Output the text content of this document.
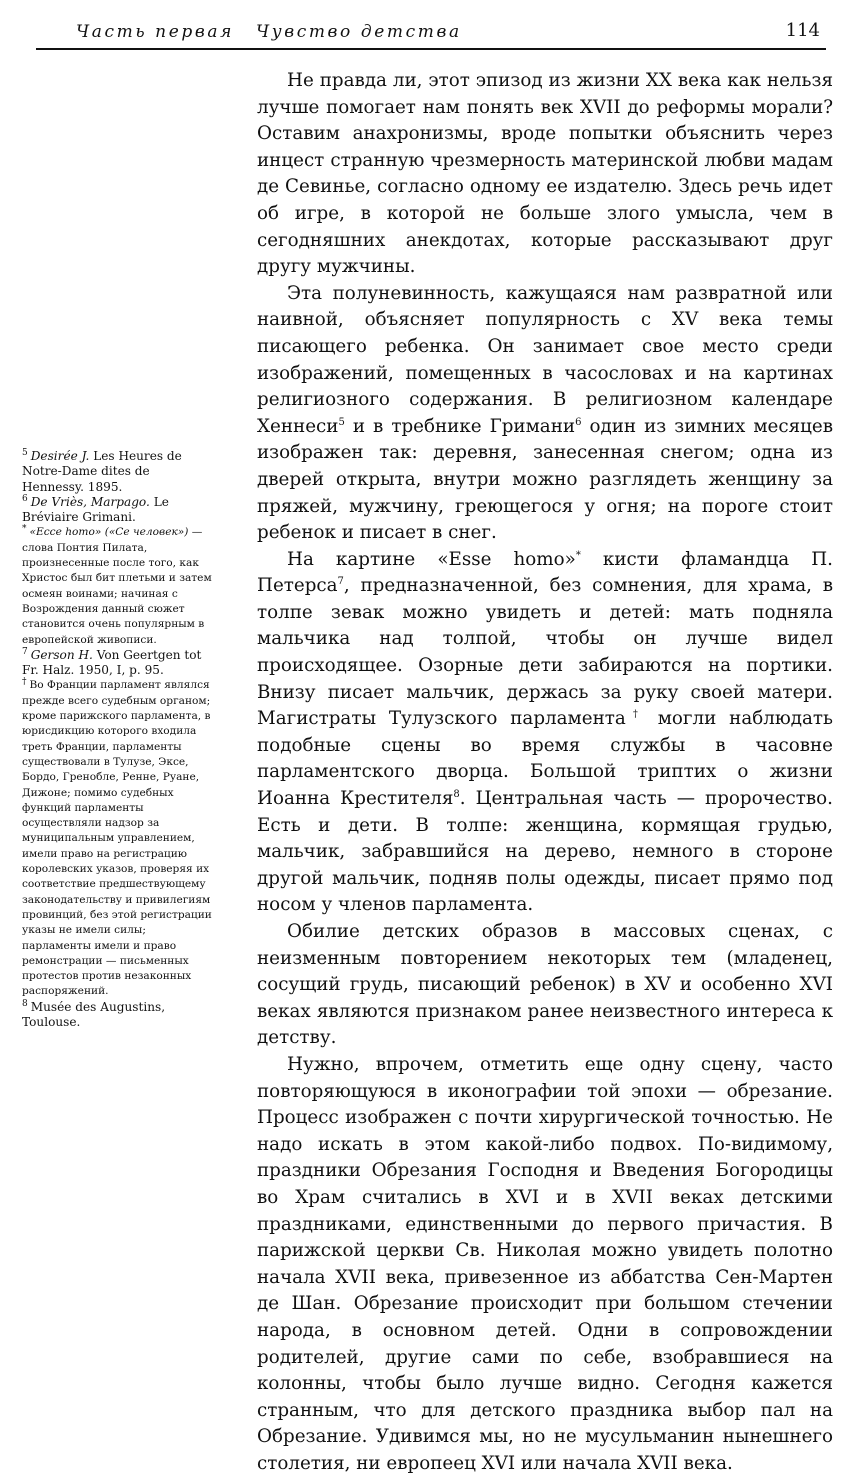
Часть первая Чувство детства	114

$^5$ Desirée J. Les Heures de Notre-Dame dites de Hennessy. 1895.

$^6$ De Vriès, Marpago. Le Bréviaire Grimani.

* «Ecce homo» («Се человек») — слова Понтия Пилата, произнесенные после того, как Христос был бит плетьми и затем осмеян воинами; начиная с Возрождения данный сюжет становится очень популярным в европейской живописи.

$^7$ Gerson H. Von Geertgen tot Fr. Halz. 1950, I, p. 95.

† Во Франции парламент являлся прежде всего судебным органом; кроме парижского парламента, в юрисдикцию которого входила треть Франции, парламенты существовали в Тулузе, Эксе, Бордо, Гренобле, Ренне, Руане, Дижоне; помимо судебных функций парламенты осуществляли надзор за муниципальным управлением, имели право на регистрацию королевских указов, проверяя их соответствие предшествующему законодательству и привилегиям провинций, без этой регистрации указы не имели силы; парламенты имели и право ремонстрации — письменных протестов против незаконных распоряжений.

$^8$ Musée des Augustins, Toulouse.

Не правда ли, этот эпизод из жизни XX века как нельзя лучше помогает нам понять век XVII до реформы морали? Оставим анахронизмы, вроде попытки объяснить через инцест странную чрезмерность материнской любви мадам де Севинье, согласно одному ее издателю. Здесь речь идет об игре, в которой не больше злого умысла, чем в сегодняшних анекдотах, которые рассказывают друг другу мужчины.

Эта полуневинность, кажущаяся нам развратной или наивной, объясняет популярность с XV века темы писающего ребенка. Он занимает свое место среди изображений, помещенных в часословах и на картинах религиозного содержания. В религиозном календаре Хеннеси$^5$ и в требнике Гримани$^6$ один из зимних месяцев изображен так: деревня, занесенная снегом; одна из дверей открыта, внутри можно разглядеть женщину за пряжей, мужчину, греющегося у огня; на пороге стоит ребенок и писает в снег.

На картине «Esse homo»* кисти фламандца П. Петерса$^7$, предназначенной, без сомнения, для храма, в толпе зевак можно увидеть и детей: мать подняла мальчика над толпой, чтобы он лучше видел происходящее. Озорные дети забираются на портики. Внизу писает мальчик, держась за руку своей матери. Магистраты Тулузского парламента† могли наблюдать подобные сцены во время службы в часовне парламентского дворца. Большой триптих о жизни Иоанна Крестителя$^8$. Центральная часть — пророчество. Есть и дети. В толпе: женщина, кормящая грудью, мальчик, забравшийся на дерево, немного в стороне другой мальчик, подняв полы одежды, писает прямо под носом у членов парламента.

Обилие детских образов в массовых сценах, с неизменным повторением некоторых тем (младенец, сосущий грудь, писающий ребенок) в XV и особенно XVI веках являются признаком ранее неизвестного интереса к детству.

Нужно, впрочем, отметить еще одну сцену, часто повторяющуюся в иконографии той эпохи — обрезание. Процесс изображен с почти хирургической точностью. Не надо искать в этом какой-либо подвох. По-видимому, праздники Обрезания Господня и Введения Богородицы во Храм считались в XVI и в XVII веках детскими праздниками, единственными до первого причастия. В парижской церкви Св. Николая можно увидеть полотно начала XVII века, привезенное из аббатства Сен-Мартен де Шан. Обрезание происходит при большом стечении народа, в основном детей. Одни в сопровождении родителей, другие сами по себе, взобравшиеся на колонны, чтобы было лучше видно. Сегодня кажется странным, что для детского праздника выбор пал на Обрезание. Удивимся мы, но не мусульманин нынешнего столетия, ни европеец XVI или начала XVII века.
